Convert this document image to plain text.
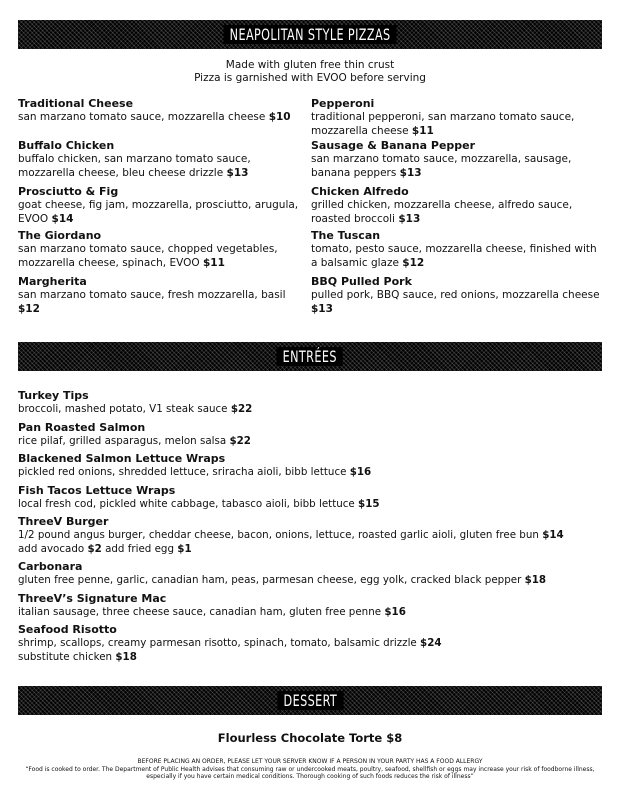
NEAPOLITAN STYLE PIZZAS
Made with gluten free thin crust
Pizza is garnished with EVOO before serving
Traditional Cheese
san marzano tomato sauce, mozzarella cheese $10
Buffalo Chicken
buffalo chicken, san marzano tomato sauce, mozzarella cheese, bleu cheese drizzle $13
Prosciutto & Fig
goat cheese, fig jam, mozzarella, prosciutto, arugula, EVOO $14
The Giordano
san marzano tomato sauce, chopped vegetables, mozzarella cheese, spinach, EVOO $11
Margherita
san marzano tomato sauce, fresh mozzarella, basil $12
Pepperoni
traditional pepperoni, san marzano tomato sauce, mozzarella cheese $11
Sausage & Banana Pepper
san marzano tomato sauce, mozzarella, sausage, banana peppers $13
Chicken Alfredo
grilled chicken, mozzarella cheese, alfredo sauce, roasted broccoli $13
The Tuscan
tomato, pesto sauce, mozzarella cheese, finished with a balsamic glaze $12
BBQ Pulled Pork
pulled pork, BBQ sauce, red onions, mozzarella cheese $13
ENTRÉES
Turkey Tips
broccoli, mashed potato, V1 steak sauce $22
Pan Roasted Salmon
rice pilaf, grilled asparagus, melon salsa $22
Blackened Salmon Lettuce Wraps
pickled red onions, shredded lettuce, sriracha aioli, bibb lettuce $16
Fish Tacos Lettuce Wraps
local fresh cod, pickled white cabbage, tabasco aioli, bibb lettuce $15
ThreeV Burger
1/2 pound angus burger, cheddar cheese, bacon, onions, lettuce, roasted garlic aioli, gluten free bun $14
add avocado $2 add fried egg $1
Carbonara
gluten free penne, garlic, canadian ham, peas, parmesan cheese, egg yolk, cracked black pepper $18
ThreeV’s Signature Mac
italian sausage, three cheese sauce, canadian ham, gluten free penne $16
Seafood Risotto
shrimp, scallops, creamy parmesan risotto, spinach, tomato, balsamic drizzle $24
substitute chicken $18
DESSERT
Flourless Chocolate Torte $8
BEFORE PLACING AN ORDER, PLEASE LET YOUR SERVER KNOW IF A PERSON IN YOUR PARTY HAS A FOOD ALLERGY
“Food is cooked to order. The Department of Public Health advises that consuming raw or undercooked meats, poultry, seafood, shellfish or eggs may increase your risk of foodborne illness, especially if you have certain medical conditions. Thorough cooking of such foods reduces the risk of illness”
